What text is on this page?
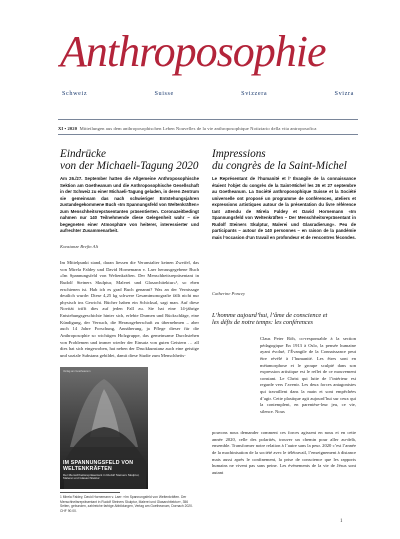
Anthroposophie
Schweiz	Suisse	Svizzera	Svizra
XI • 2020 Mitteilungen aus dem anthroposophischen Leben Nouvelles de la vie anthroposophique Notiziario della vita antroposofica
Eindrücke
von der Michaeli-Tagung 2020

Am 26./27. September hatten die Allgemeine Anthroposophische Sektion am Goetheanum und die Anthroposophische Gesellschaft in der Schweiz zu einer Michaeli-Tagung geladen, in deren Zentrum sie gemeinsam das nach schwieriger Entstehungsjahren zustandegekommene Buch «Im Spannungsfeld von Weltenkräften» zum Menschheitsrepräsentanten präsentierten. Coronazeitbedingt nahmen nur 140 Teilnehmende diese Gelegenheit wahr – sie begegneten einer Atmosphäre von heiterer, interessierter und aufrechter Zusammenarbeit.

Konstanze Brefin Alt

Im Mittelpunkt stand, daran liessen die Veranstalter keinen Zweifel, das von Mirela Faldey und David Hornemann v. Laer herausgegebene Buch «Im Spannungsfeld von Weltenkräften. Der Menschheitsrepräsentant in Rudolf Steiners Skulptur, Malerei und Glasarchitektur»¹, so eben erschienen ist. Hab ich es grad Buch genannt? Was an der Vernissage deutlich wurde: Diese 4,25 kg schwere Gesamtmonografie fällt nicht nur physisch ins Gewicht. Bücher haben ein Schicksal, sagt man. Auf diese Novität trifft dies auf jeden Fall zu. Sie hat eine 14-jährige Entstehungsgeschichte hinter sich, erlebte Dramen und Rückschläge, eine Kündigung, der Versuch, die Herausgeberschaft zu übernehmen – aber auch 14 Jahre Forschung, Annäherung, ja Pflege dieser für die Anthroposophie so wichtigen Holzgruppe, das gemeinsame Durchstehen von Problemen und immer wieder der Einsatz von guten Geistern … all dies hat sich eingewoben, hat neben der Druckkunstanz auch eine geistige und soziale Substanz gebildet, damit diese Studie zum Menschheits-

Verlag am Goetheanum
IM SPANNUNGSFELD VON WELTENKRÄFTEN
Der Menschheitsrepräsentant in Rudolf Steiners Skulptur, Malerei und Glasarchitektur

1 Mirela Faldey, David Hornemann v. Laer: «Im Spannungsfeld von Weltenkräften. Der Menschheitsrepräsentant in Rudolf Steiners Skulptur, Malerei und Glasarchitektur», 356 Seiten, gebunden, zahlreiche farbige Abbildungen, Verlag am Goetheanum, Dornach 2020. CHF 90.00.

Impressions
du congrès de la Saint-Michel

Le Représentant de l’humanité et l’ Évangile de la connaissance étaient l’objet du congrès de la Saint-Michel les 26 et 27 septembre au Goetheanum. La Société anthroposophique Suisse et la Société universelle ont proposé un programme de conférences, ateliers et expressions artistiques autour de la présentation du livre référence tant attendu de Mirela Faldey et David Hornemann «Im Spannungsfeld von Weltenkräften – Der Menschheitsrepräsentant in Rudolf Steiners Skulptur, Malerei und Glasradierung». Peu de participants – autour de 140 personnes – en raison de la pandémie mais l’occasion d’un travail en profondeur et de rencontres fécondes.

Catherine Poncey

L’homme aujourd’hui, l’âme de conscience et
les défis de notre temps: les conférences

Claus Peter Röh, co-responsable à la section pédagogique En 1913 à Oslo, la pensée humaine ayant évolué, l’Évangile de la Connaissance peut être révélé à l’humanité. Les êtres sont en métamorphose et le groupe sculpté dans son expression artistique est le reflet de ce mouvement constant. Le Christ qui lutte de l’intérieur est regarde vers l’avenir. Les deux forces antagonistes qui travaillent dans la main et sont empêchées d’agir. Cette plastique agit aujourd’hui sur ceux qui la contemplent, en parentèse-leur jeu, ce vie, silence. Nous

pouvons nous demander comment ces forces agissent en nous et en cette année 2020, celle des polarités, trouver un chemin pour aller au-delà, ensemble. Transformer notre relation à l’autre sans la peur. 2020 c’est l’année de la machinisation de la société avec le télétravail, l’enseignement à distance mais aussi après le confinement, la prise de conscience que les rapports humains ne vivent pas sans peine. Les événements de la vie de Jésus sont autant

1
